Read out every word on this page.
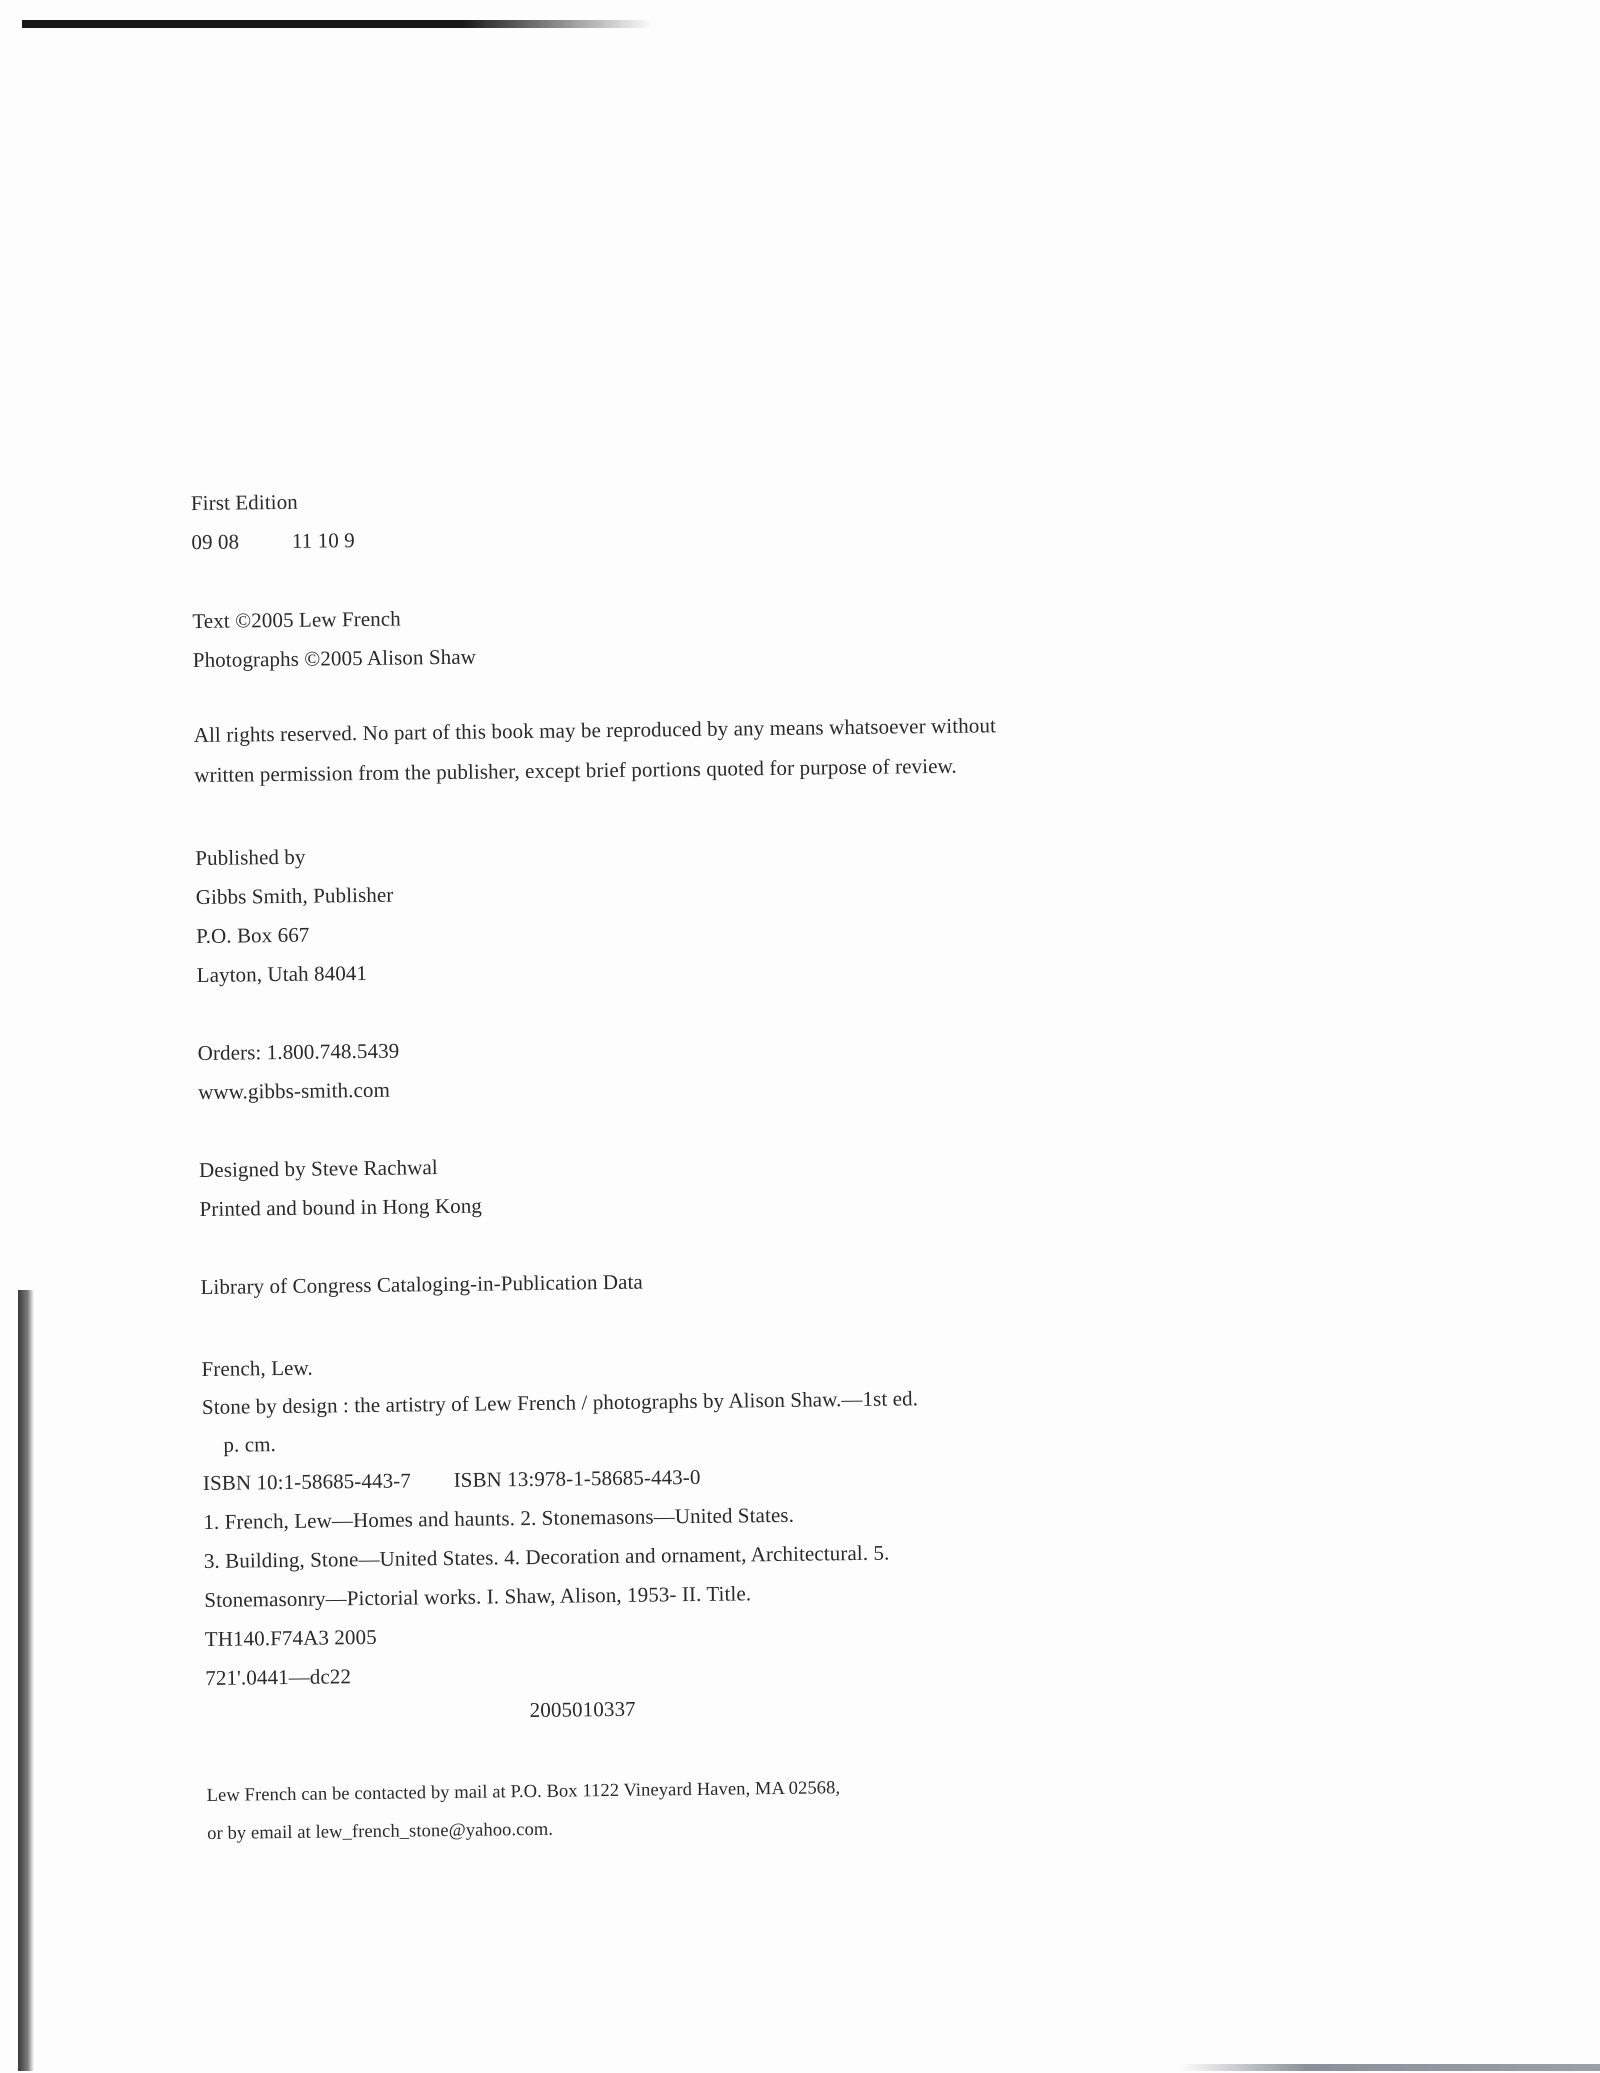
First Edition
09 08 11 10 9
Text ©2005 Lew French
Photographs ©2005 Alison Shaw
All rights reserved. No part of this book may be reproduced by any means whatsoever without
written permission from the publisher, except brief portions quoted for purpose of review.
Published by
Gibbs Smith, Publisher
P.O. Box 667
Layton, Utah 84041
Orders: 1.800.748.5439
www.gibbs-smith.com
Designed by Steve Rachwal
Printed and bound in Hong Kong
Library of Congress Cataloging-in-Publication Data
French, Lew.
Stone by design : the artistry of Lew French / photographs by Alison Shaw.—1st ed.
p. cm.
ISBN 10:1-58685-443-7 ISBN 13:978-1-58685-443-0
1. French, Lew—Homes and haunts. 2. Stonemasons—United States.
3. Building, Stone—United States. 4. Decoration and ornament, Architectural. 5.
Stonemasonry—Pictorial works. I. Shaw, Alison, 1953- II. Title.
TH140.F74A3 2005
721'.0441—dc22
2005010337
Lew French can be contacted by mail at P.O. Box 1122 Vineyard Haven, MA 02568,
or by email at lew_french_stone@yahoo.com.
